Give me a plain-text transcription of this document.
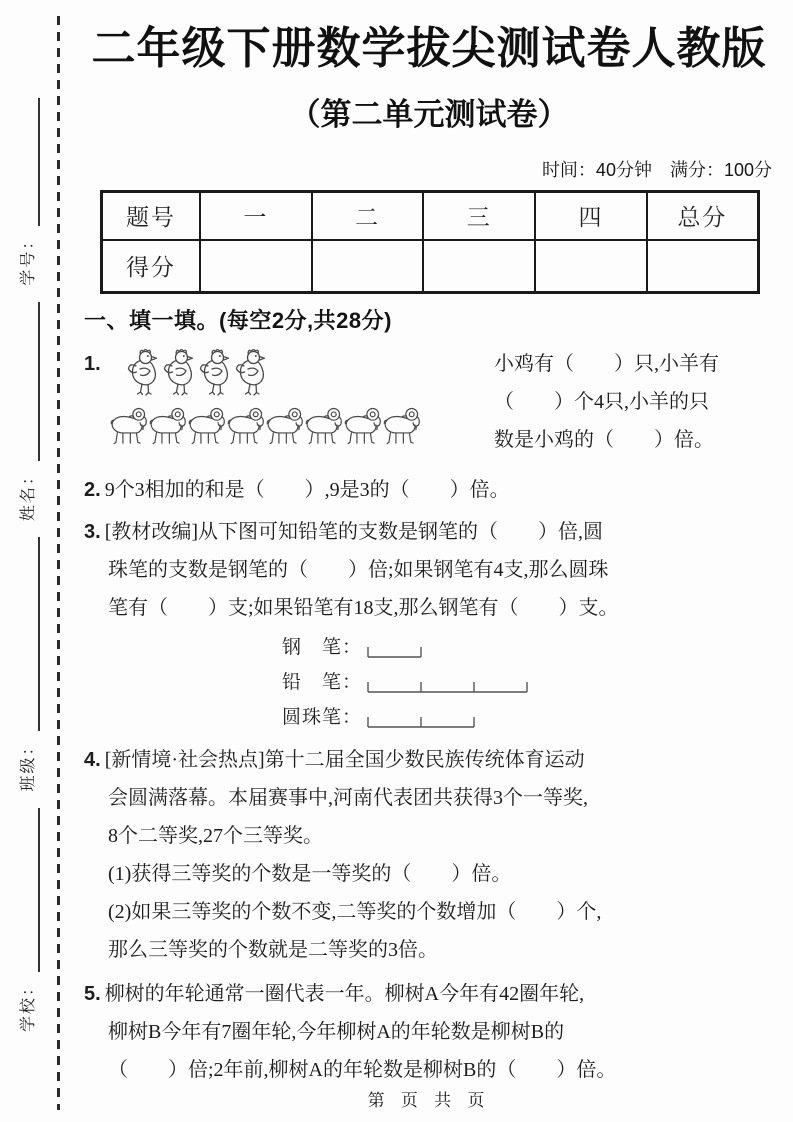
学校：
班级：
姓名：
学号：
二年级下册数学拔尖测试卷人教版
（第二单元测试卷）
时间：40分钟　满分：100分
题号	一	二	三	四	总分
得分					
一、填一填。(每空2分,共28分)
1.	小鸡有（　　）只,小羊有
（　　）个4只,小羊的只
数是小鸡的（　　）倍。
2. 9个3相加的和是（　　）,9是3的（　　）倍。
3. [教材改编]从下图可知铅笔的支数是钢笔的（　　）倍,圆
珠笔的支数是钢笔的（　　）倍;如果钢笔有4支,那么圆珠
笔有（　　）支;如果铅笔有18支,那么钢笔有（　　）支。
钢　笔：
铅　笔：
圆珠笔：
4. [新情境·社会热点]第十二届全国少数民族传统体育运动
会圆满落幕。本届赛事中,河南代表团共获得3个一等奖,
8个二等奖,27个三等奖。
(1)获得三等奖的个数是一等奖的（　　）倍。
(2)如果三等奖的个数不变,二等奖的个数增加（　　）个,
那么三等奖的个数就是二等奖的3倍。
5. 柳树的年轮通常一圈代表一年。柳树A今年有42圈年轮,
柳树B今年有7圈年轮,今年柳树A的年轮数是柳树B的
（　　）倍;2年前,柳树A的年轮数是柳树B的（　　）倍。
第 页 共 页
